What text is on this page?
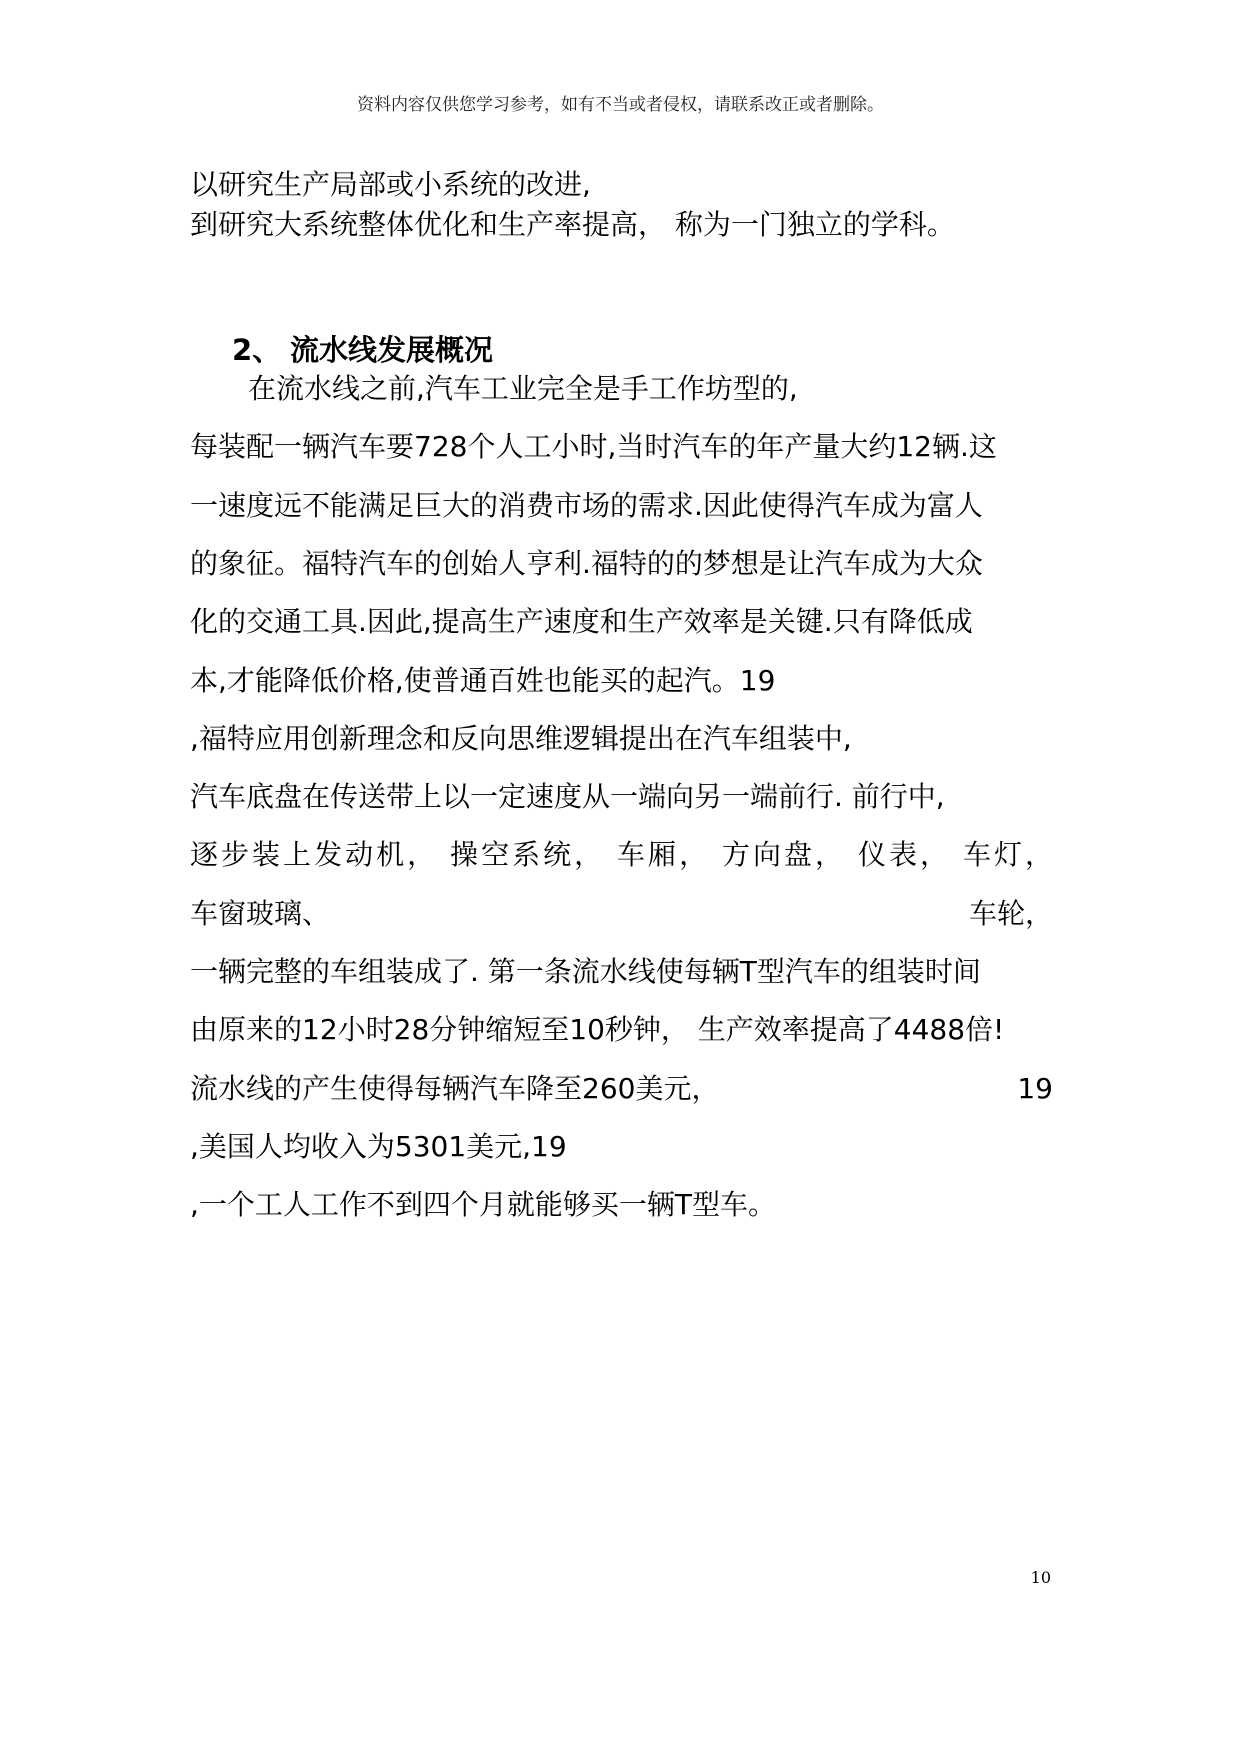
资料内容仅供您学习参考，如有不当或者侵权，请联系改正或者删除。
以研究生产局部或小系统的改进,
到研究大系统整体优化和生产率提高， 称为一门独立的学科。
2、 流水线发展概况
在流水线之前,汽车工业完全是手工作坊型的,
每装配一辆汽车要728个人工小时,当时汽车的年产量大约12辆.这
一速度远不能满足巨大的消费市场的需求.因此使得汽车成为富人
的象征。福特汽车的创始人亨利.福特的的梦想是让汽车成为大众
化的交通工具.因此,提高生产速度和生产效率是关键.只有降低成
本,才能降低价格,使普通百姓也能买的起汽。19
,福特应用创新理念和反向思维逻辑提出在汽车组装中,
汽车底盘在传送带上以一定速度从一端向另一端前行. 前行中,
逐步装上发动机， 操空系统， 车厢， 方向盘， 仪表， 车灯，
车窗玻璃、	车轮，
一辆完整的车组装成了. 第一条流水线使每辆T型汽车的组装时间
由原来的12小时28分钟缩短至10秒钟， 生产效率提高了4488倍!
流水线的产生使得每辆汽车降至260美元，	19
,美国人均收入为5301美元,19
,一个工人工作不到四个月就能够买一辆T型车。
10
